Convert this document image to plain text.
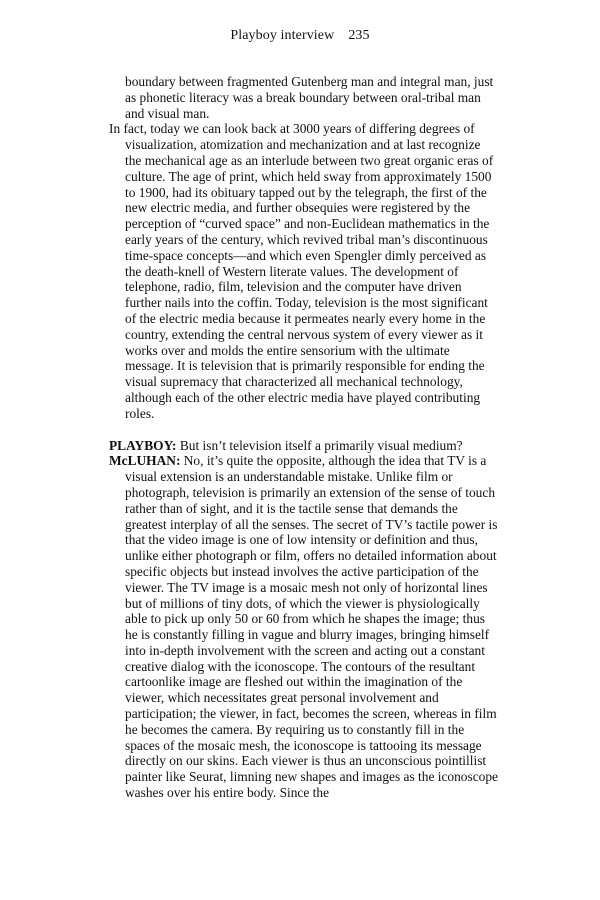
Playboy interview 235

boundary between fragmented Gutenberg man and integral man, just as phonetic literacy was a break boundary between oral-tribal man and visual man.

In fact, today we can look back at 3000 years of differing degrees of visualization, atomization and mechanization and at last recognize the mechanical age as an interlude between two great organic eras of culture. The age of print, which held sway from approximately 1500 to 1900, had its obituary tapped out by the telegraph, the first of the new electric media, and further obsequies were registered by the perception of “curved space” and non-Euclidean mathematics in the early years of the century, which revived tribal man’s discontinuous time-space concepts—and which even Spengler dimly perceived as the death-knell of Western literate values. The development of telephone, radio, film, television and the computer have driven further nails into the coffin. Today, television is the most significant of the electric media because it permeates nearly every home in the country, extending the central nervous system of every viewer as it works over and molds the entire sensorium with the ultimate message. It is television that is primarily responsible for ending the visual supremacy that characterized all mechanical technology, although each of the other electric media have played contributing roles.

PLAYBOY: But isn’t television itself a primarily visual medium?

McLUHAN: No, it’s quite the opposite, although the idea that TV is a visual extension is an understandable mistake. Unlike film or photograph, television is primarily an extension of the sense of touch rather than of sight, and it is the tactile sense that demands the greatest interplay of all the senses. The secret of TV’s tactile power is that the video image is one of low intensity or definition and thus, unlike either photograph or film, offers no detailed information about specific objects but instead involves the active participation of the viewer. The TV image is a mosaic mesh not only of horizontal lines but of millions of tiny dots, of which the viewer is physiologically able to pick up only 50 or 60 from which he shapes the image; thus he is constantly filling in vague and blurry images, bringing himself into in-depth involvement with the screen and acting out a constant creative dialog with the iconoscope. The contours of the resultant cartoonlike image are fleshed out within the imagination of the viewer, which necessitates great personal involvement and participation; the viewer, in fact, becomes the screen, whereas in film he becomes the camera. By requiring us to constantly fill in the spaces of the mosaic mesh, the iconoscope is tattooing its message directly on our skins. Each viewer is thus an unconscious pointillist painter like Seurat, limning new shapes and images as the iconoscope washes over his entire body. Since the
